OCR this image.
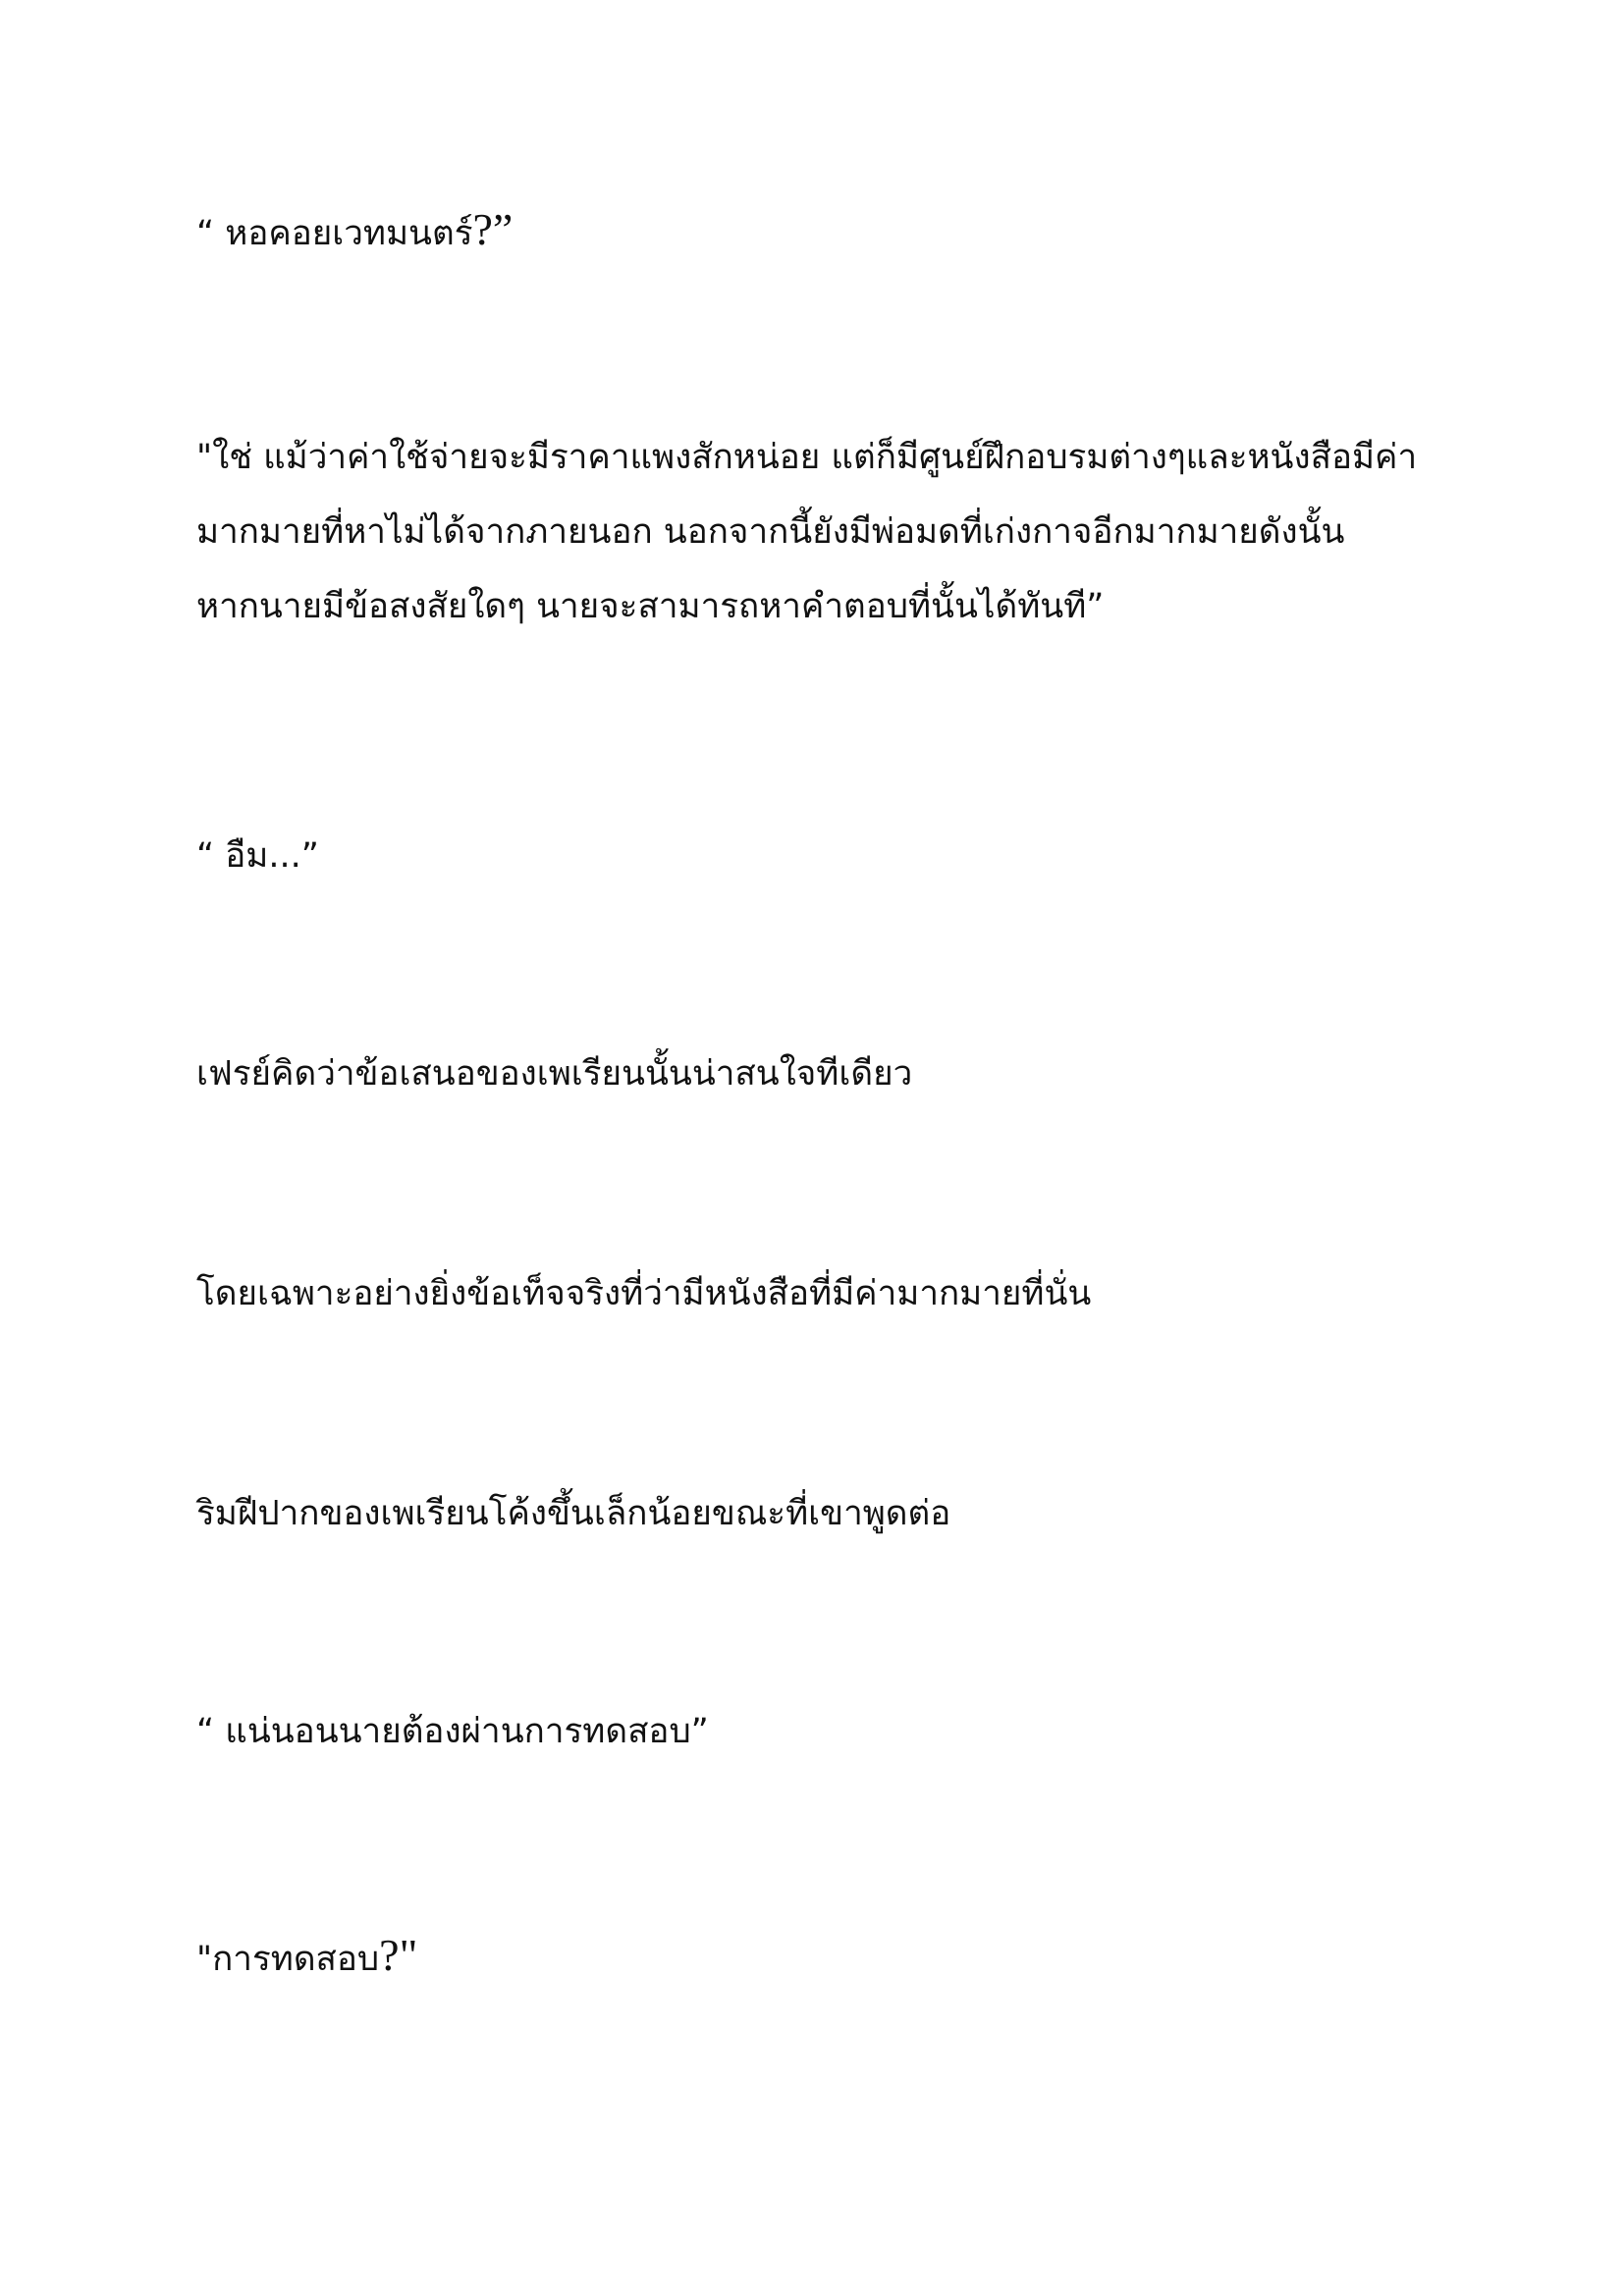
“ หอคอยเวทมนตร์?”

"ใช่ แม้ว่าค่าใช้จ่ายจะมีราคาแพงสักหน่อย แต่ก็มีศูนย์ฝึกอบรมต่างๆและหนังสือมีค่า
มากมายที่หาไม่ได้จากภายนอก นอกจากนี้ยังมีพ่อมดที่เก่งกาจอีกมากมายดังนั้น
หากนายมีข้อสงสัยใดๆ นายจะสามารถหาคำตอบที่นั้นได้ทันที”

“ อืม...”

เฟรย์คิดว่าข้อเสนอของเพเรียนนั้นน่าสนใจทีเดียว

โดยเฉพาะอย่างยิ่งข้อเท็จจริงที่ว่ามีหนังสือที่มีค่ามากมายที่นั่น

ริมฝีปากของเพเรียนโค้งขึ้นเล็กน้อยขณะที่เขาพูดต่อ

“ แน่นอนนายต้องผ่านการทดสอบ”

"การทดสอบ?"
